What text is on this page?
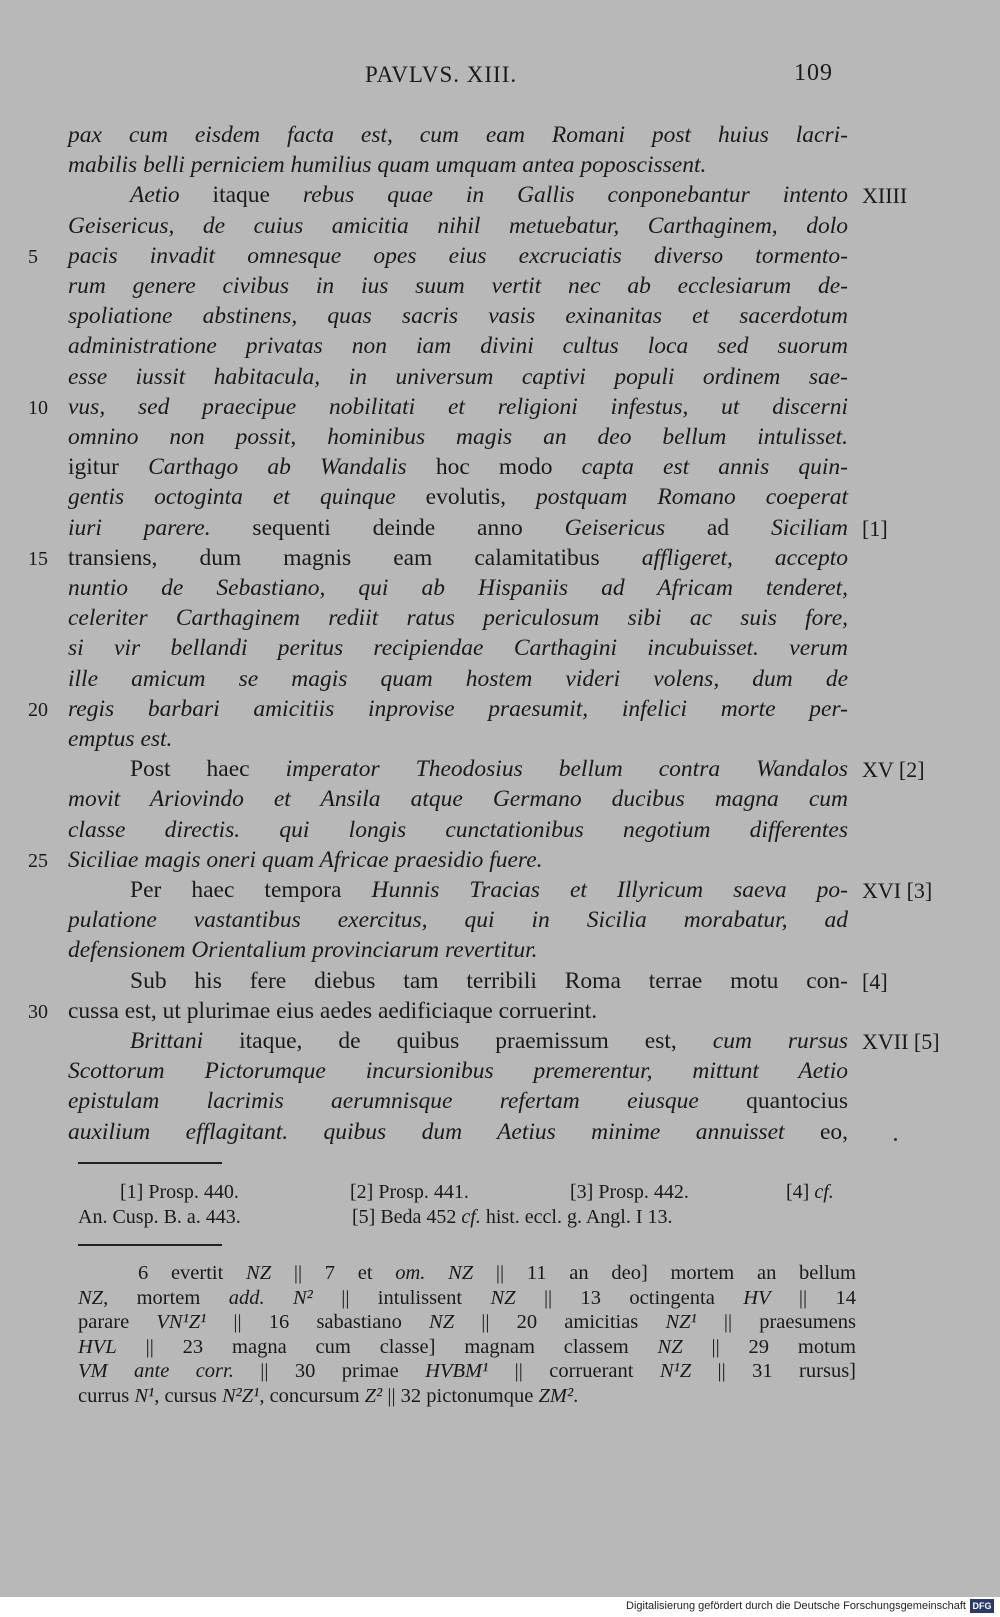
PAVLVS. XIII.	109
pax cum eisdem facta est, cum eam Romani post huius lacri-
mabilis belli perniciem humilius quam umquam antea poposcissent.
Aetio itaque rebus quae in Gallis conponebantur intento XIIII
Geisericus, de cuius amicitia nihil metuebatur, Carthaginem, dolo
5	pacis invadit omnesque opes eius excruciatis diverso tormento-
rum genere civibus in ius suum vertit nec ab ecclesiarum de-
spoliatione abstinens, quas sacris vasis exinanitas et sacerdotum
administratione privatas non iam divini cultus loca sed suorum
esse iussit habitacula, in universum captivi populi ordinem sae-
10 vus, sed praecipue nobilitati et religioni infestus, ut discerni
omnino non possit, hominibus magis an deo bellum intulisset.
igitur Carthago ab Wandalis hoc modo capta est annis quin-
gentis octoginta et quinque evolutis, postquam Romano coeperat
iuri parere. sequenti deinde anno Geisericus ad Siciliam [1]
15 transiens, dum magnis eam calamitatibus affligeret, accepto
nuntio de Sebastiano, qui ab Hispaniis ad Africam tenderet,
celeriter Carthaginem rediit ratus periculosum sibi ac suis fore,
si vir bellandi peritus recipiendae Carthagini incubuisset. verum
ille amicum se magis quam hostem videri volens, dum de
20 regis barbari amicitiis inprovise praesumit, infelici morte per-
emptus est.
Post haec imperator Theodosius bellum contra Wandalos XV [2]
movit Ariovindo et Ansila atque Germano ducibus magna cum
classe directis. qui longis cunctationibus negotium differentes
25 Siciliae magis oneri quam Africae praesidio fuere.
Per haec tempora Hunnis Tracias et Illyricum saeva po- XVI [3]
pulatione vastantibus exercitus, qui in Sicilia morabatur, ad
defensionem Orientalium provinciarum revertitur.
Sub his fere diebus tam terribili Roma terrae motu con- [4]
30 cussa est, ut plurimae eius aedes aedificiaque corruerint.
Brittani itaque, de quibus praemissum est, cum rursus XVII [5]
Scottorum Pictorumque incursionibus premerentur, mittunt Aetio
epistulam lacrimis aerumnisque refertam eiusque quantocius
auxilium efflagitant. quibus dum Aetius minime annuisset eo,
[1] Prosp. 440.	[2] Prosp. 441.	[3] Prosp. 442.	[4] cf.
An. Cusp. B. a. 443.	[5] Beda 452 cf. hist. eccl. g. Angl. I 13.
6 evertit NZ || 7 et om. NZ || 11 an deo] mortem an bellum
NZ, mortem add. N² || intulissent NZ || 13 octingenta HV || 14
parare VN¹Z¹ || 16 sabastiano NZ || 20 amicitias NZ¹ || praesumens
HVL || 23 magna cum classe] magnam classem NZ || 29 motum
VM ante corr. || 30 primae HVBM¹ || corruerant N¹Z || 31 rursus]
currus N¹, cursus N²Z¹, concursum Z² || 32 pictonumque ZM².
Digitalisierung gefördert durch die Deutsche Forschungsgemeinschaft DFG
